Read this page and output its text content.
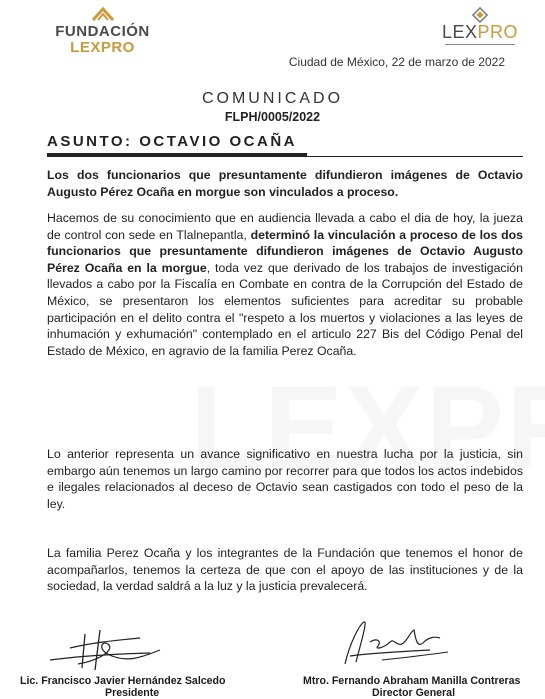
FUNDACIÓN
LEXPRO
LEXPRO
Ciudad de México, 22 de marzo de 2022
COMUNICADO
FLPH/0005/2022
ASUNTO: OCTAVIO OCAÑA
Los dos funcionarios que presuntamente difundieron imágenes de Octavio Augusto Pérez Ocaña en morgue son vinculados a proceso.
Hacemos de su conocimiento que en audiencia llevada a cabo el dia de hoy, la jueza de control con sede en Tlalnepantla, determinó la vinculación a proceso de los dos funcionarios que presuntamente difundieron imágenes de Octavio Augusto Pérez Ocaña en la morgue, toda vez que derivado de los trabajos de investigación llevados a cabo por la Fiscalía en Combate en contra de la Corrupción del Estado de México, se presentaron los elementos suficientes para acreditar su probable participación en el delito contra el "respeto a los muertos y violaciones a las leyes de inhumación y exhumación" contemplado en el articulo 227 Bis del Código Penal del Estado de México, en agravio de la familia Perez Ocaña.
Lo anterior representa un avance significativo en nuestra lucha por la justicia, sin embargo aún tenemos un largo camino por recorrer para que todos los actos indebidos e ilegales relacionados al deceso de Octavio sean castigados con todo el peso de la ley.
La familia Perez Ocaña y los integrantes de la Fundación que tenemos el honor de acompañarlos, tenemos la certeza de que con el apoyo de las instituciones y de la sociedad, la verdad saldrá a la luz y la justicia prevalecerá.
Lic. Francisco Javier Hernández Salcedo
Presidente
Mtro. Fernando Abraham Manilla Contreras
Director General
